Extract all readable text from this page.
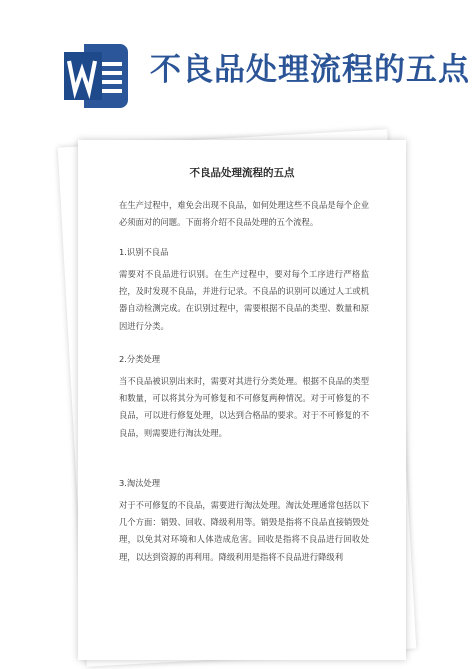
不良品处理流程的五点
不良品处理流程的五点
在生产过程中，难免会出现不良品，如何处理这些不良品是每个企业必须面对的问题。下面将介绍不良品处理的五个流程。
1.识别不良品
需要对不良品进行识别。在生产过程中，要对每个工序进行严格监控，及时发现不良品，并进行记录。不良品的识别可以通过人工或机器自动检测完成。在识别过程中，需要根据不良品的类型、数量和原因进行分类。
2.分类处理
当不良品被识别出来时，需要对其进行分类处理。根据不良品的类型和数量，可以将其分为可修复和不可修复两种情况。对于可修复的不良品，可以进行修复处理，以达到合格品的要求。对于不可修复的不良品，则需要进行淘汰处理。
3.淘汰处理
对于不可修复的不良品，需要进行淘汰处理。淘汰处理通常包括以下几个方面：销毁、回收、降级利用等。销毁是指将不良品直接销毁处理，以免其对环境和人体造成危害。回收是指将不良品进行回收处理，以达到资源的再利用。降级利用是指将不良品进行降级利
